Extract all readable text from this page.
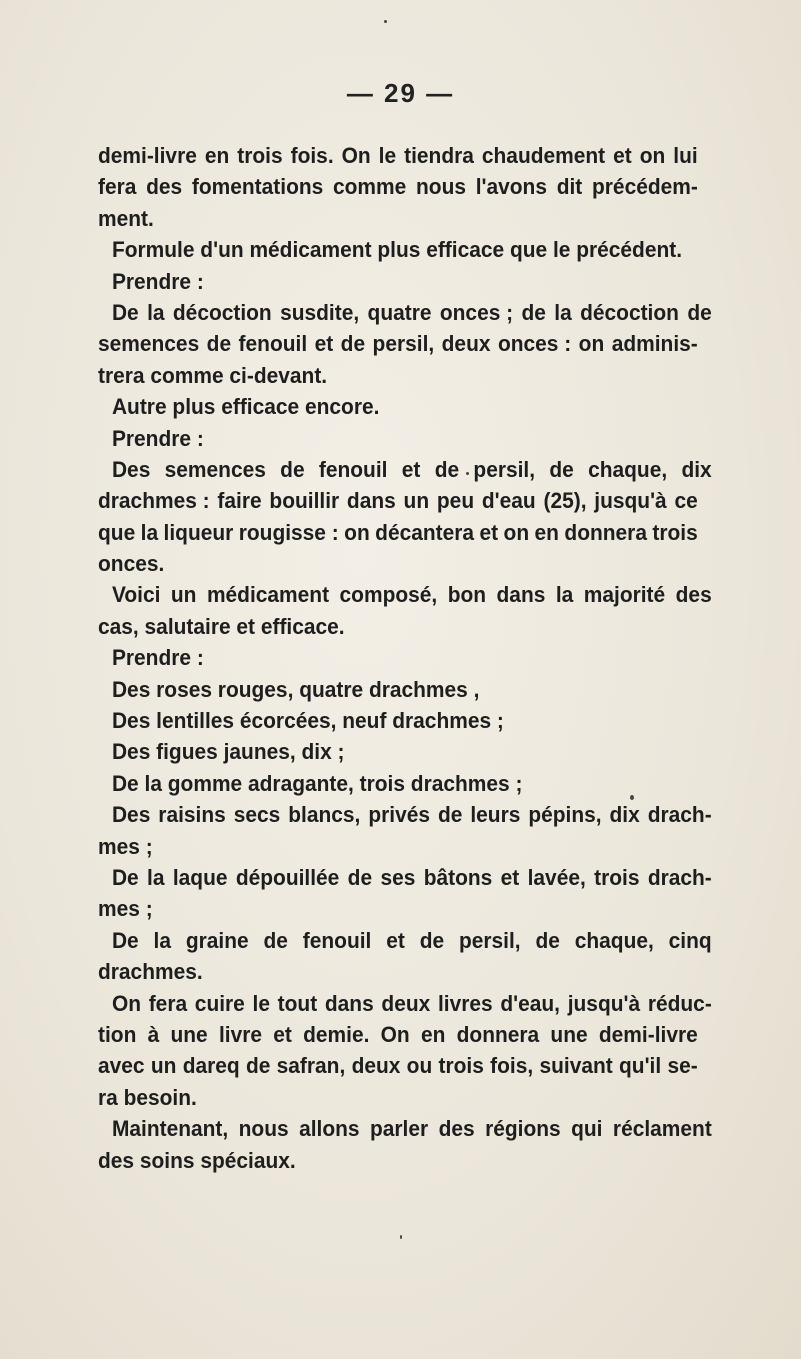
— 29 —
demi-livre en trois fois. On le tiendra chaudement et on lui
fera des fomentations comme nous l'avons dit précédem-
ment.
Formule d'un médicament plus efficace que le précédent.
Prendre :
De la décoction susdite, quatre onces ; de la décoction de
semences de fenouil et de persil, deux onces : on adminis-
trera comme ci-devant.
Autre plus efficace encore.
Prendre :
Des semences de fenouil et de persil, de chaque, dix
drachmes : faire bouillir dans un peu d'eau (25), jusqu'à ce
que la liqueur rougisse : on décantera et on en donnera trois
onces.
Voici un médicament composé, bon dans la majorité des
cas, salutaire et efficace.
Prendre :
Des roses rouges, quatre drachmes ,
Des lentilles écorcées, neuf drachmes ;
Des figues jaunes, dix ;
De la gomme adragante, trois drachmes ;
Des raisins secs blancs, privés de leurs pépins, dix drach-
mes ;
De la laque dépouillée de ses bâtons et lavée, trois drach-
mes ;
De la graine de fenouil et de persil, de chaque, cinq
drachmes.
On fera cuire le tout dans deux livres d'eau, jusqu'à réduc-
tion à une livre et demie. On en donnera une demi-livre
avec un dareq de safran, deux ou trois fois, suivant qu'il se-
ra besoin.
Maintenant, nous allons parler des régions qui réclament
des soins spéciaux.
